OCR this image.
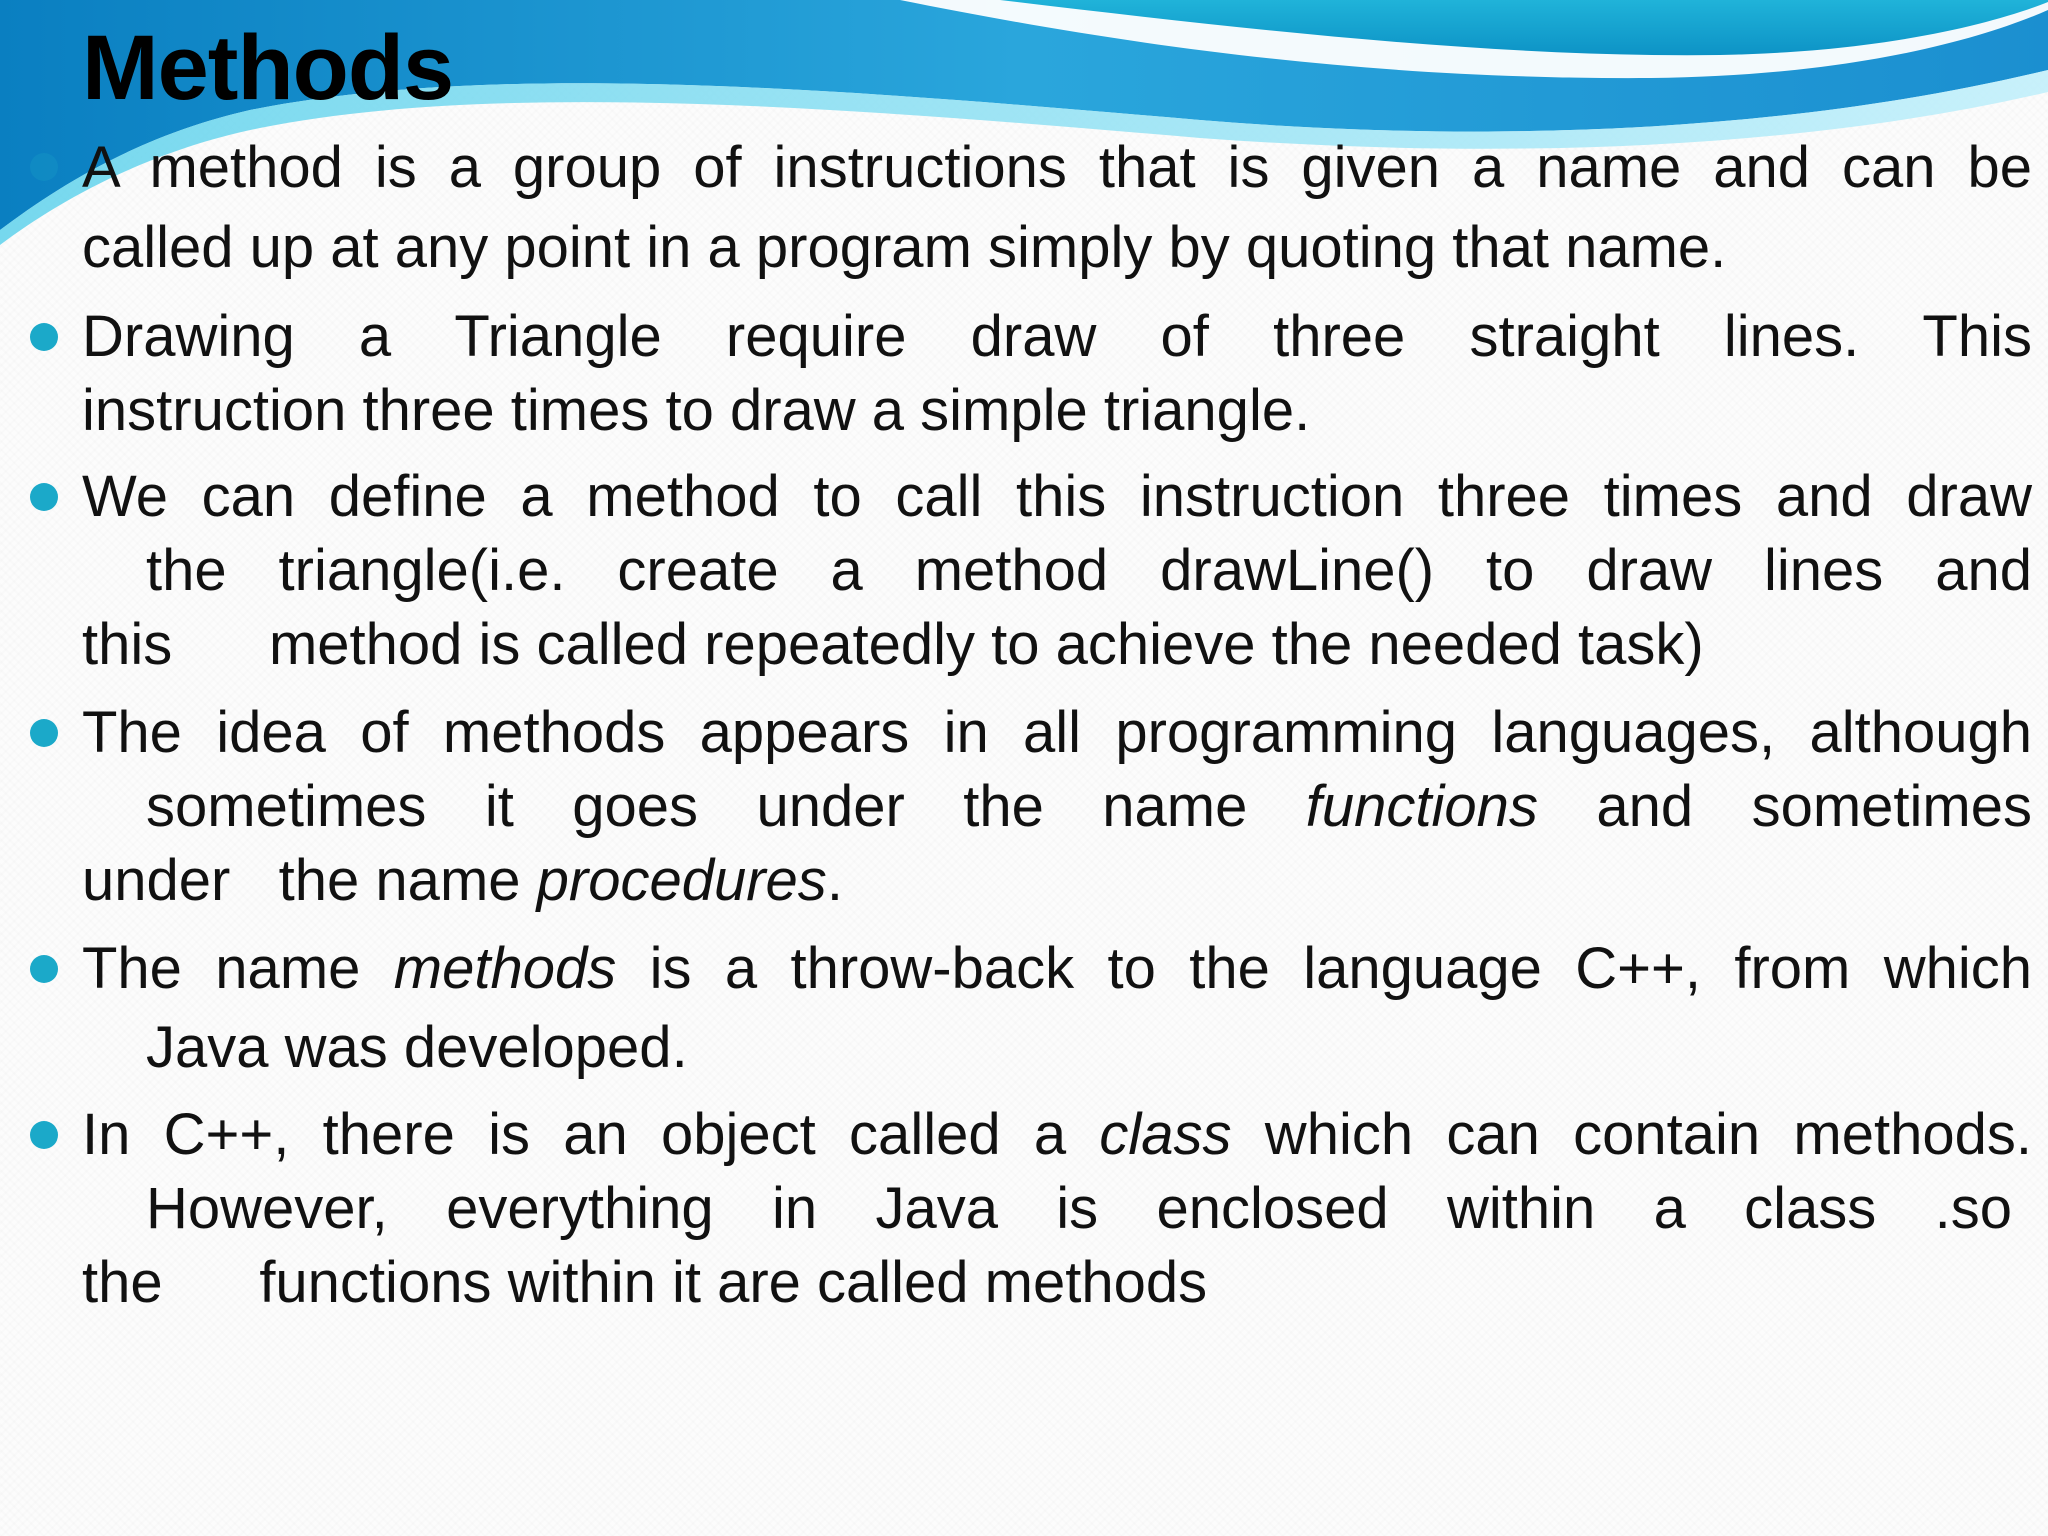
Methods
A method is a group of instructions that is given a name and can be
called up at any point in a program simply by quoting that name.
Drawing a Triangle require draw of three straight lines. This
instruction three times to draw a simple triangle.
We can define a method to call this instruction three times and draw
the triangle(i.e. create a method drawLine() to draw lines and
this      method is called repeatedly to achieve the needed task)
The idea of methods appears in all programming languages, although
sometimes it goes under the name functions and sometimes
under   the name procedures.
The name methods is a throw-back to the language C++, from which
Java was developed.
In C++, there is an object called a class which can contain methods.
However, everything in Java is enclosed within a class .so
the      functions within it are called methods
